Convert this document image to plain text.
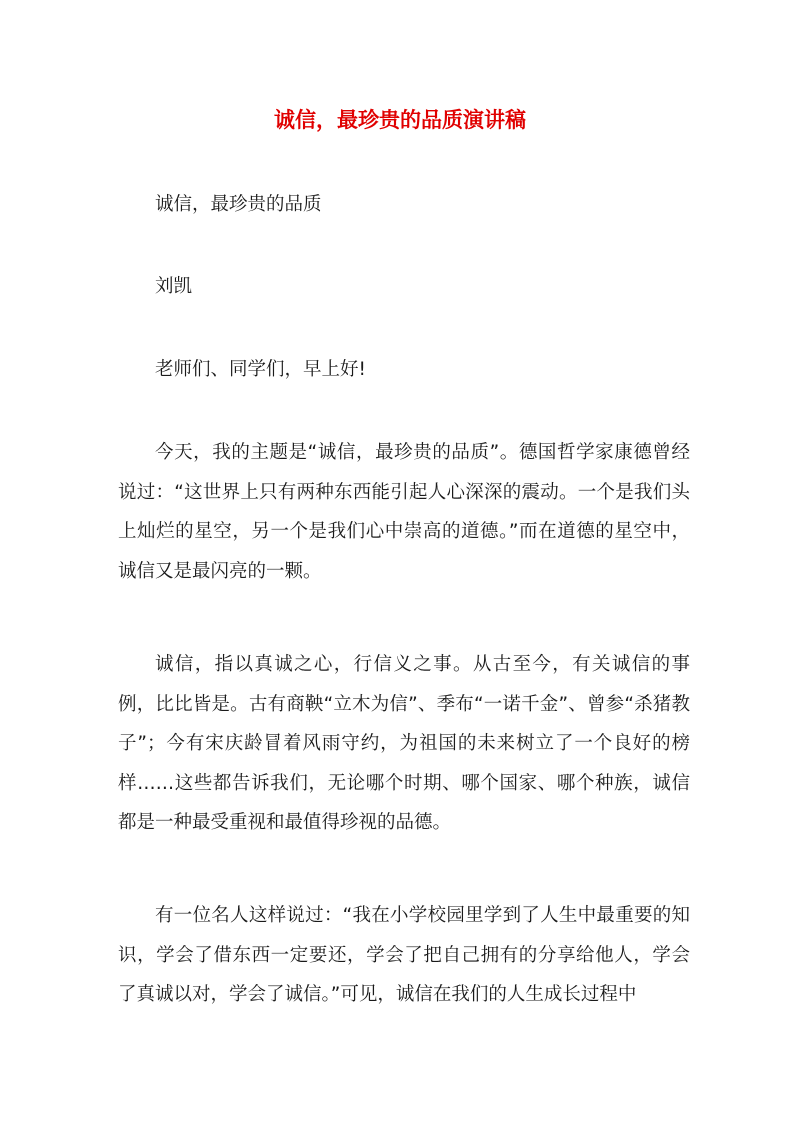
诚信，最珍贵的品质演讲稿

诚信，最珍贵的品质

刘凯

老师们、同学们，早上好!

今天，我的主题是“诚信，最珍贵的品质”。德国哲学家康德曾经说过：“这世界上只有两种东西能引起人心深深的震动。一个是我们头上灿烂的星空，另一个是我们心中崇高的道德。”而在道德的星空中，诚信又是最闪亮的一颗。

诚信，指以真诚之心，行信义之事。从古至今，有关诚信的事例，比比皆是。古有商鞅“立木为信”、季布“一诺千金”、曾参“杀猪教子”；今有宋庆龄冒着风雨守约，为祖国的未来树立了一个良好的榜样……这些都告诉我们，无论哪个时期、哪个国家、哪个种族，诚信都是一种最受重视和最值得珍视的品德。

有一位名人这样说过：“我在小学校园里学到了人生中最重要的知识，学会了借东西一定要还，学会了把自己拥有的分享给他人，学会了真诚以对，学会了诚信。”可见，诚信在我们的人生成长过程中
